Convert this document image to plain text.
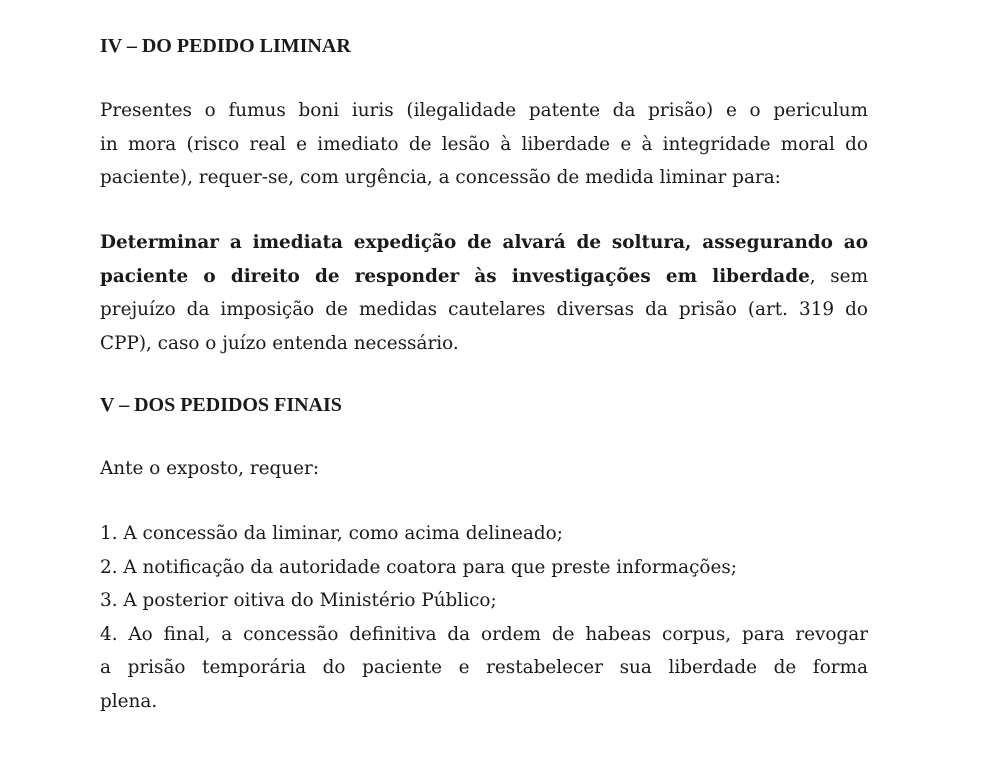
IV – DO PEDIDO LIMINAR

Presentes o fumus boni iuris (ilegalidade patente da prisão) e o periculum
in mora (risco real e imediato de lesão à liberdade e à integridade moral do
paciente), requer-se, com urgência, a concessão de medida liminar para:

Determinar a imediata expedição de alvará de soltura, assegurando ao
paciente o direito de responder às investigações em liberdade, sem
prejuízo da imposição de medidas cautelares diversas da prisão (art. 319 do
CPP), caso o juízo entenda necessário.

V – DOS PEDIDOS FINAIS

Ante o exposto, requer:

1. A concessão da liminar, como acima delineado;
2. A notificação da autoridade coatora para que preste informações;
3. A posterior oitiva do Ministério Público;
4. Ao final, a concessão definitiva da ordem de habeas corpus, para revogar
a prisão temporária do paciente e restabelecer sua liberdade de forma
plena.
